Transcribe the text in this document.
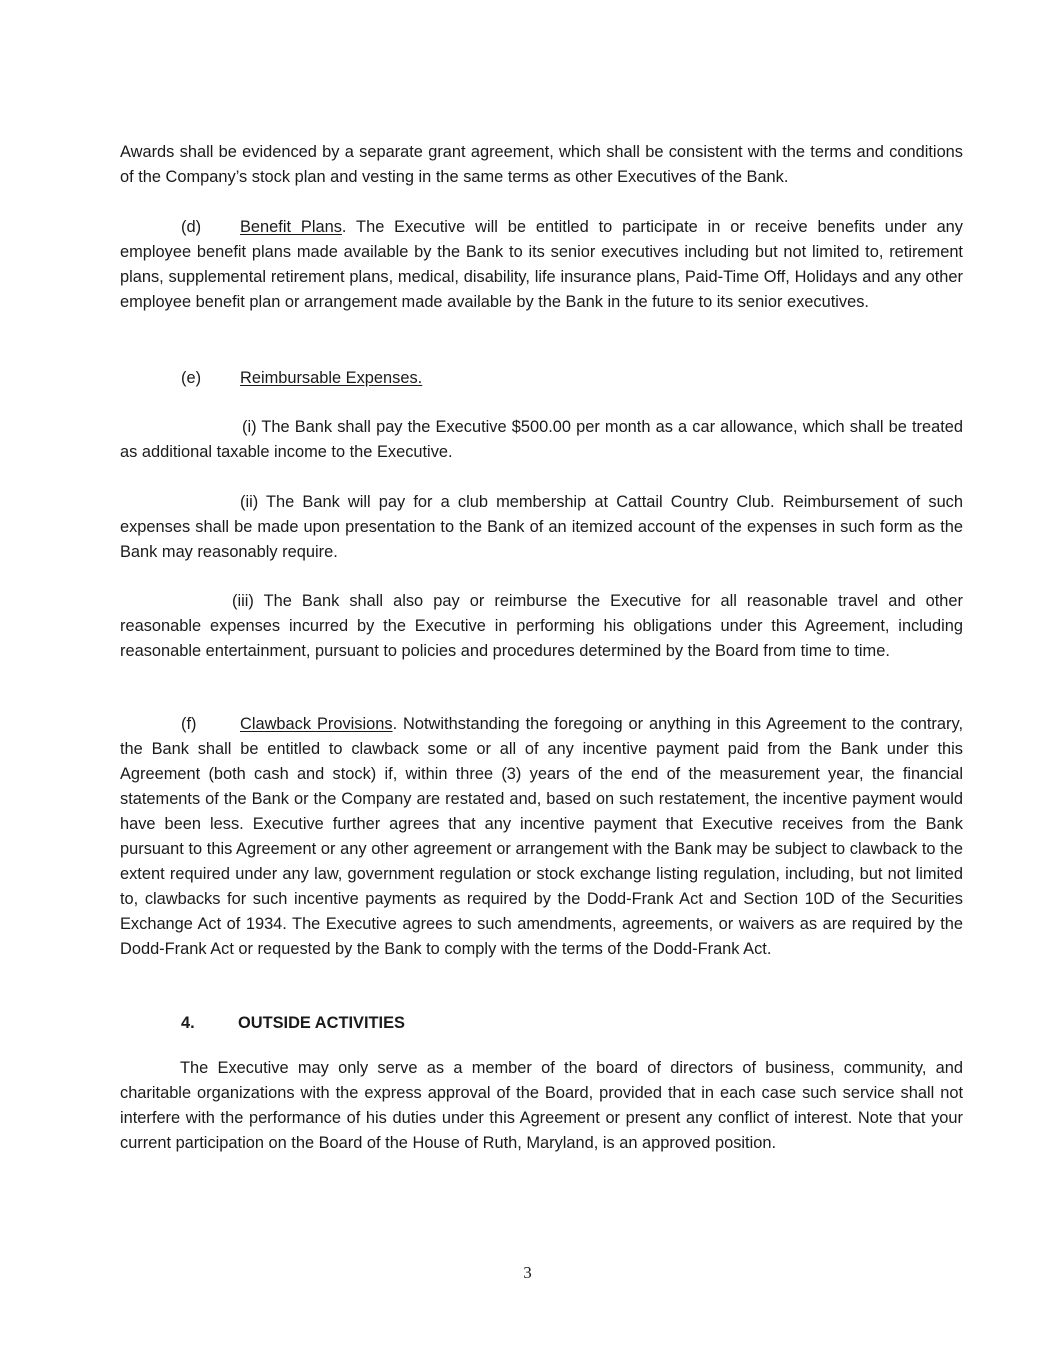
Awards shall be evidenced by a separate grant agreement, which shall be consistent with the terms and conditions of the Company’s stock plan and vesting in the same terms as other Executives of the Bank.

(d) Benefit Plans. The Executive will be entitled to participate in or receive benefits under any employee benefit plans made available by the Bank to its senior executives including but not limited to, retirement plans, supplemental retirement plans, medical, disability, life insurance plans, Paid-Time Off, Holidays and any other employee benefit plan or arrangement made available by the Bank in the future to its senior executives.

(e) Reimbursable Expenses.

(i) The Bank shall pay the Executive $500.00 per month as a car allowance, which shall be treated as additional taxable income to the Executive.

(ii) The Bank will pay for a club membership at Cattail Country Club. Reimbursement of such expenses shall be made upon presentation to the Bank of an itemized account of the expenses in such form as the Bank may reasonably require.

(iii) The Bank shall also pay or reimburse the Executive for all reasonable travel and other reasonable expenses incurred by the Executive in performing his obligations under this Agreement, including reasonable entertainment, pursuant to policies and procedures determined by the Board from time to time.

(f)	Clawback Provisions. Notwithstanding the foregoing or anything in this Agreement to the contrary, the Bank shall be entitled to clawback some or all of any incentive payment paid from the Bank under this Agreement (both cash and stock) if, within three (3) years of the end of the measurement year, the financial statements of the Bank or the Company are restated and, based on such restatement, the incentive payment would have been less. Executive further agrees that any incentive payment that Executive receives from the Bank pursuant to this Agreement or any other agreement or arrangement with the Bank may be subject to clawback to the extent required under any law, government regulation or stock exchange listing regulation, including, but not limited to, clawbacks for such incentive payments as required by the Dodd-Frank Act and Section 10D of the Securities Exchange Act of 1934. The Executive agrees to such amendments, agreements, or waivers as are required by the Dodd-Frank Act or requested by the Bank to comply with the terms of the Dodd-Frank Act.

4.	OUTSIDE ACTIVITIES

The Executive may only serve as a member of the board of directors of business, community, and charitable organizations with the express approval of the Board, provided that in each case such service shall not interfere with the performance of his duties under this Agreement or present any conflict of interest. Note that your current participation on the Board of the House of Ruth, Maryland, is an approved position.

3
